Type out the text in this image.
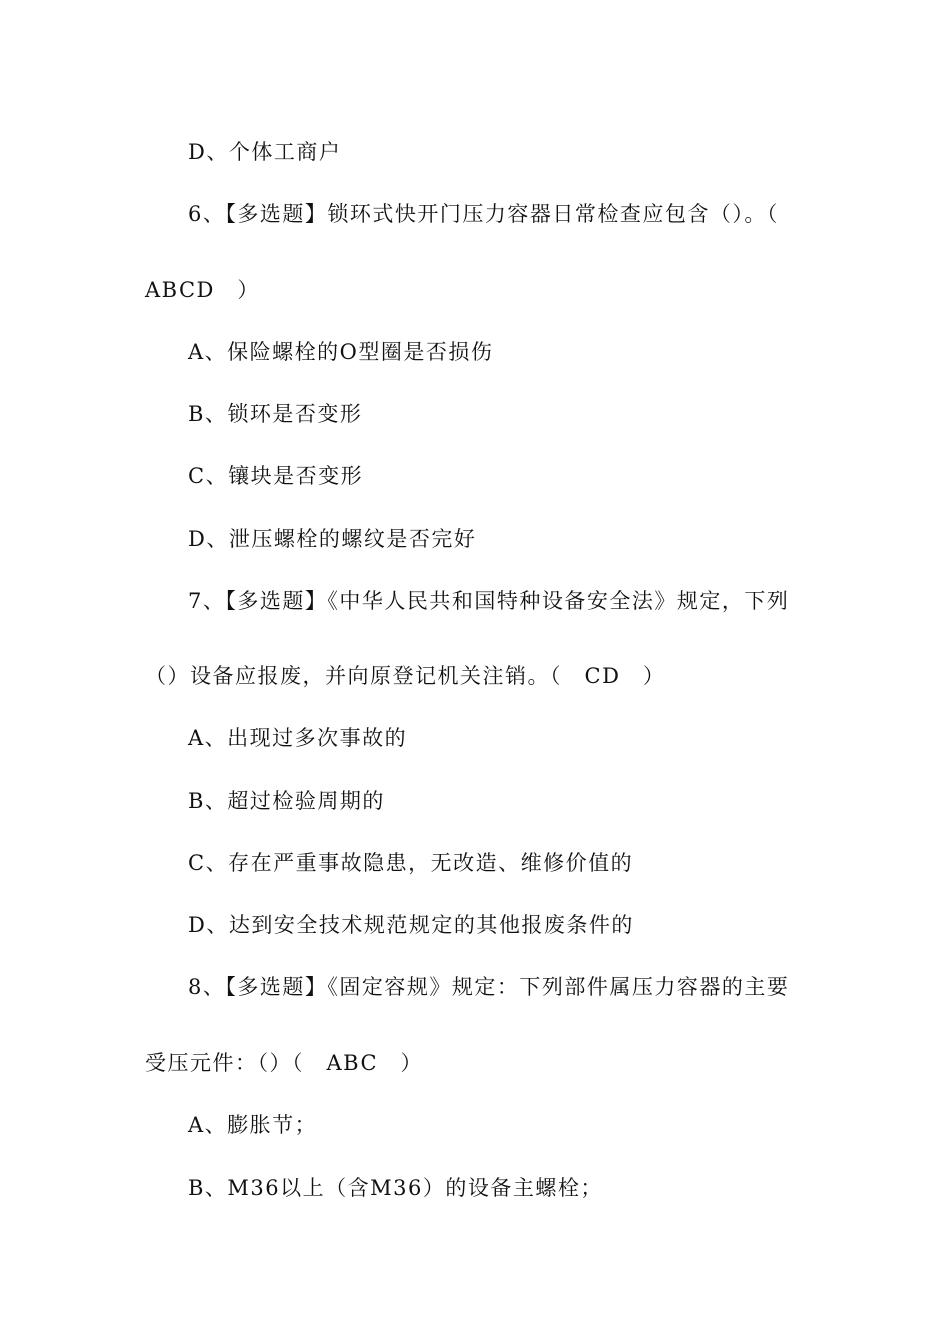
D、个体工商户
6、【多选题】锁环式快开门压力容器日常检查应包含（）。（
ABCD　）
A、保险螺栓的O型圈是否损伤
B、锁环是否变形
C、镶块是否变形
D、泄压螺栓的螺纹是否完好
7、【多选题】《中华人民共和国特种设备安全法》规定，下列
（）设备应报废，并向原登记机关注销。（　CD　）
A、出现过多次事故的
B、超过检验周期的
C、存在严重事故隐患，无改造、维修价值的
D、达到安全技术规范规定的其他报废条件的
8、【多选题】《固定容规》规定：下列部件属压力容器的主要
受压元件：（）（　ABC　）
A、膨胀节；
B、M36以上（含M36）的设备主螺栓；
